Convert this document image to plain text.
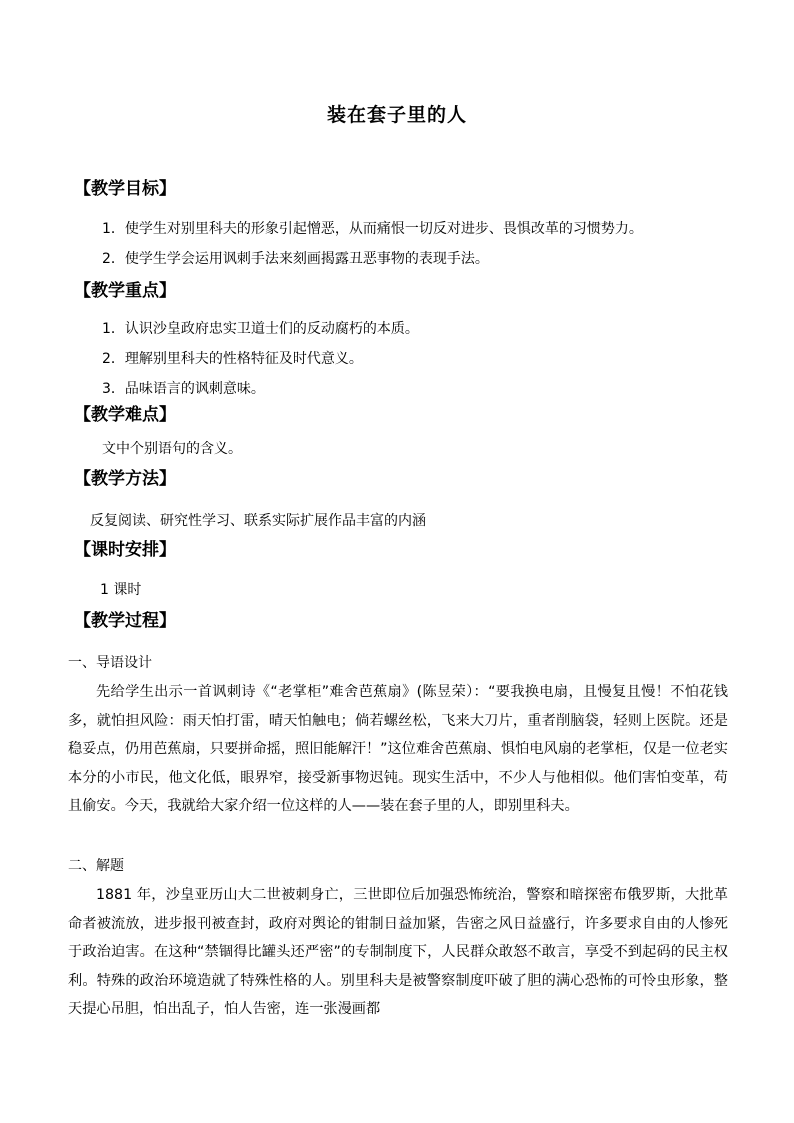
装在套子里的人
【教学目标】
1．使学生对别里科夫的形象引起憎恶，从而痛恨一切反对进步、畏惧改革的习惯势力。
2．使学生学会运用讽刺手法来刻画揭露丑恶事物的表现手法。
【教学重点】
1．认识沙皇政府忠实卫道士们的反动腐朽的本质。
2．理解别里科夫的性格特征及时代意义。
3．品味语言的讽刺意味。
【教学难点】
文中个别语句的含义。
【教学方法】
反复阅读、研究性学习、联系实际扩展作品丰富的内涵
【课时安排】
1 课时
【教学过程】
一、导语设计
先给学生出示一首讽刺诗《“老掌柜”难舍芭蕉扇》(陈昱荣）：“要我换电扇，且慢复且慢！不怕花钱多，就怕担风险：雨天怕打雷，晴天怕触电；倘若螺丝松，飞来大刀片，重者削脑袋，轻则上医院。还是稳妥点，仍用芭蕉扇，只要拼命摇，照旧能解汗！”这位难舍芭蕉扇、惧怕电风扇的老掌柜，仅是一位老实本分的小市民，他文化低，眼界窄，接受新事物迟钝。现实生活中，不少人与他相似。他们害怕变革，苟且偷安。今天，我就给大家介绍一位这样的人——装在套子里的人，即别里科夫。
二、解题
1881 年，沙皇亚历山大二世被刺身亡，三世即位后加强恐怖统治，警察和暗探密布俄罗斯，大批革命者被流放，进步报刊被查封，政府对舆论的钳制日益加紧，告密之风日益盛行，许多要求自由的人惨死于政治迫害。在这种“禁锢得比罐头还严密”的专制制度下，人民群众敢怒不敢言，享受不到起码的民主权利。特殊的政治环境造就了特殊性格的人。别里科夫是被警察制度吓破了胆的满心恐怖的可怜虫形象，整天提心吊胆，怕出乱子，怕人告密，连一张漫画都
